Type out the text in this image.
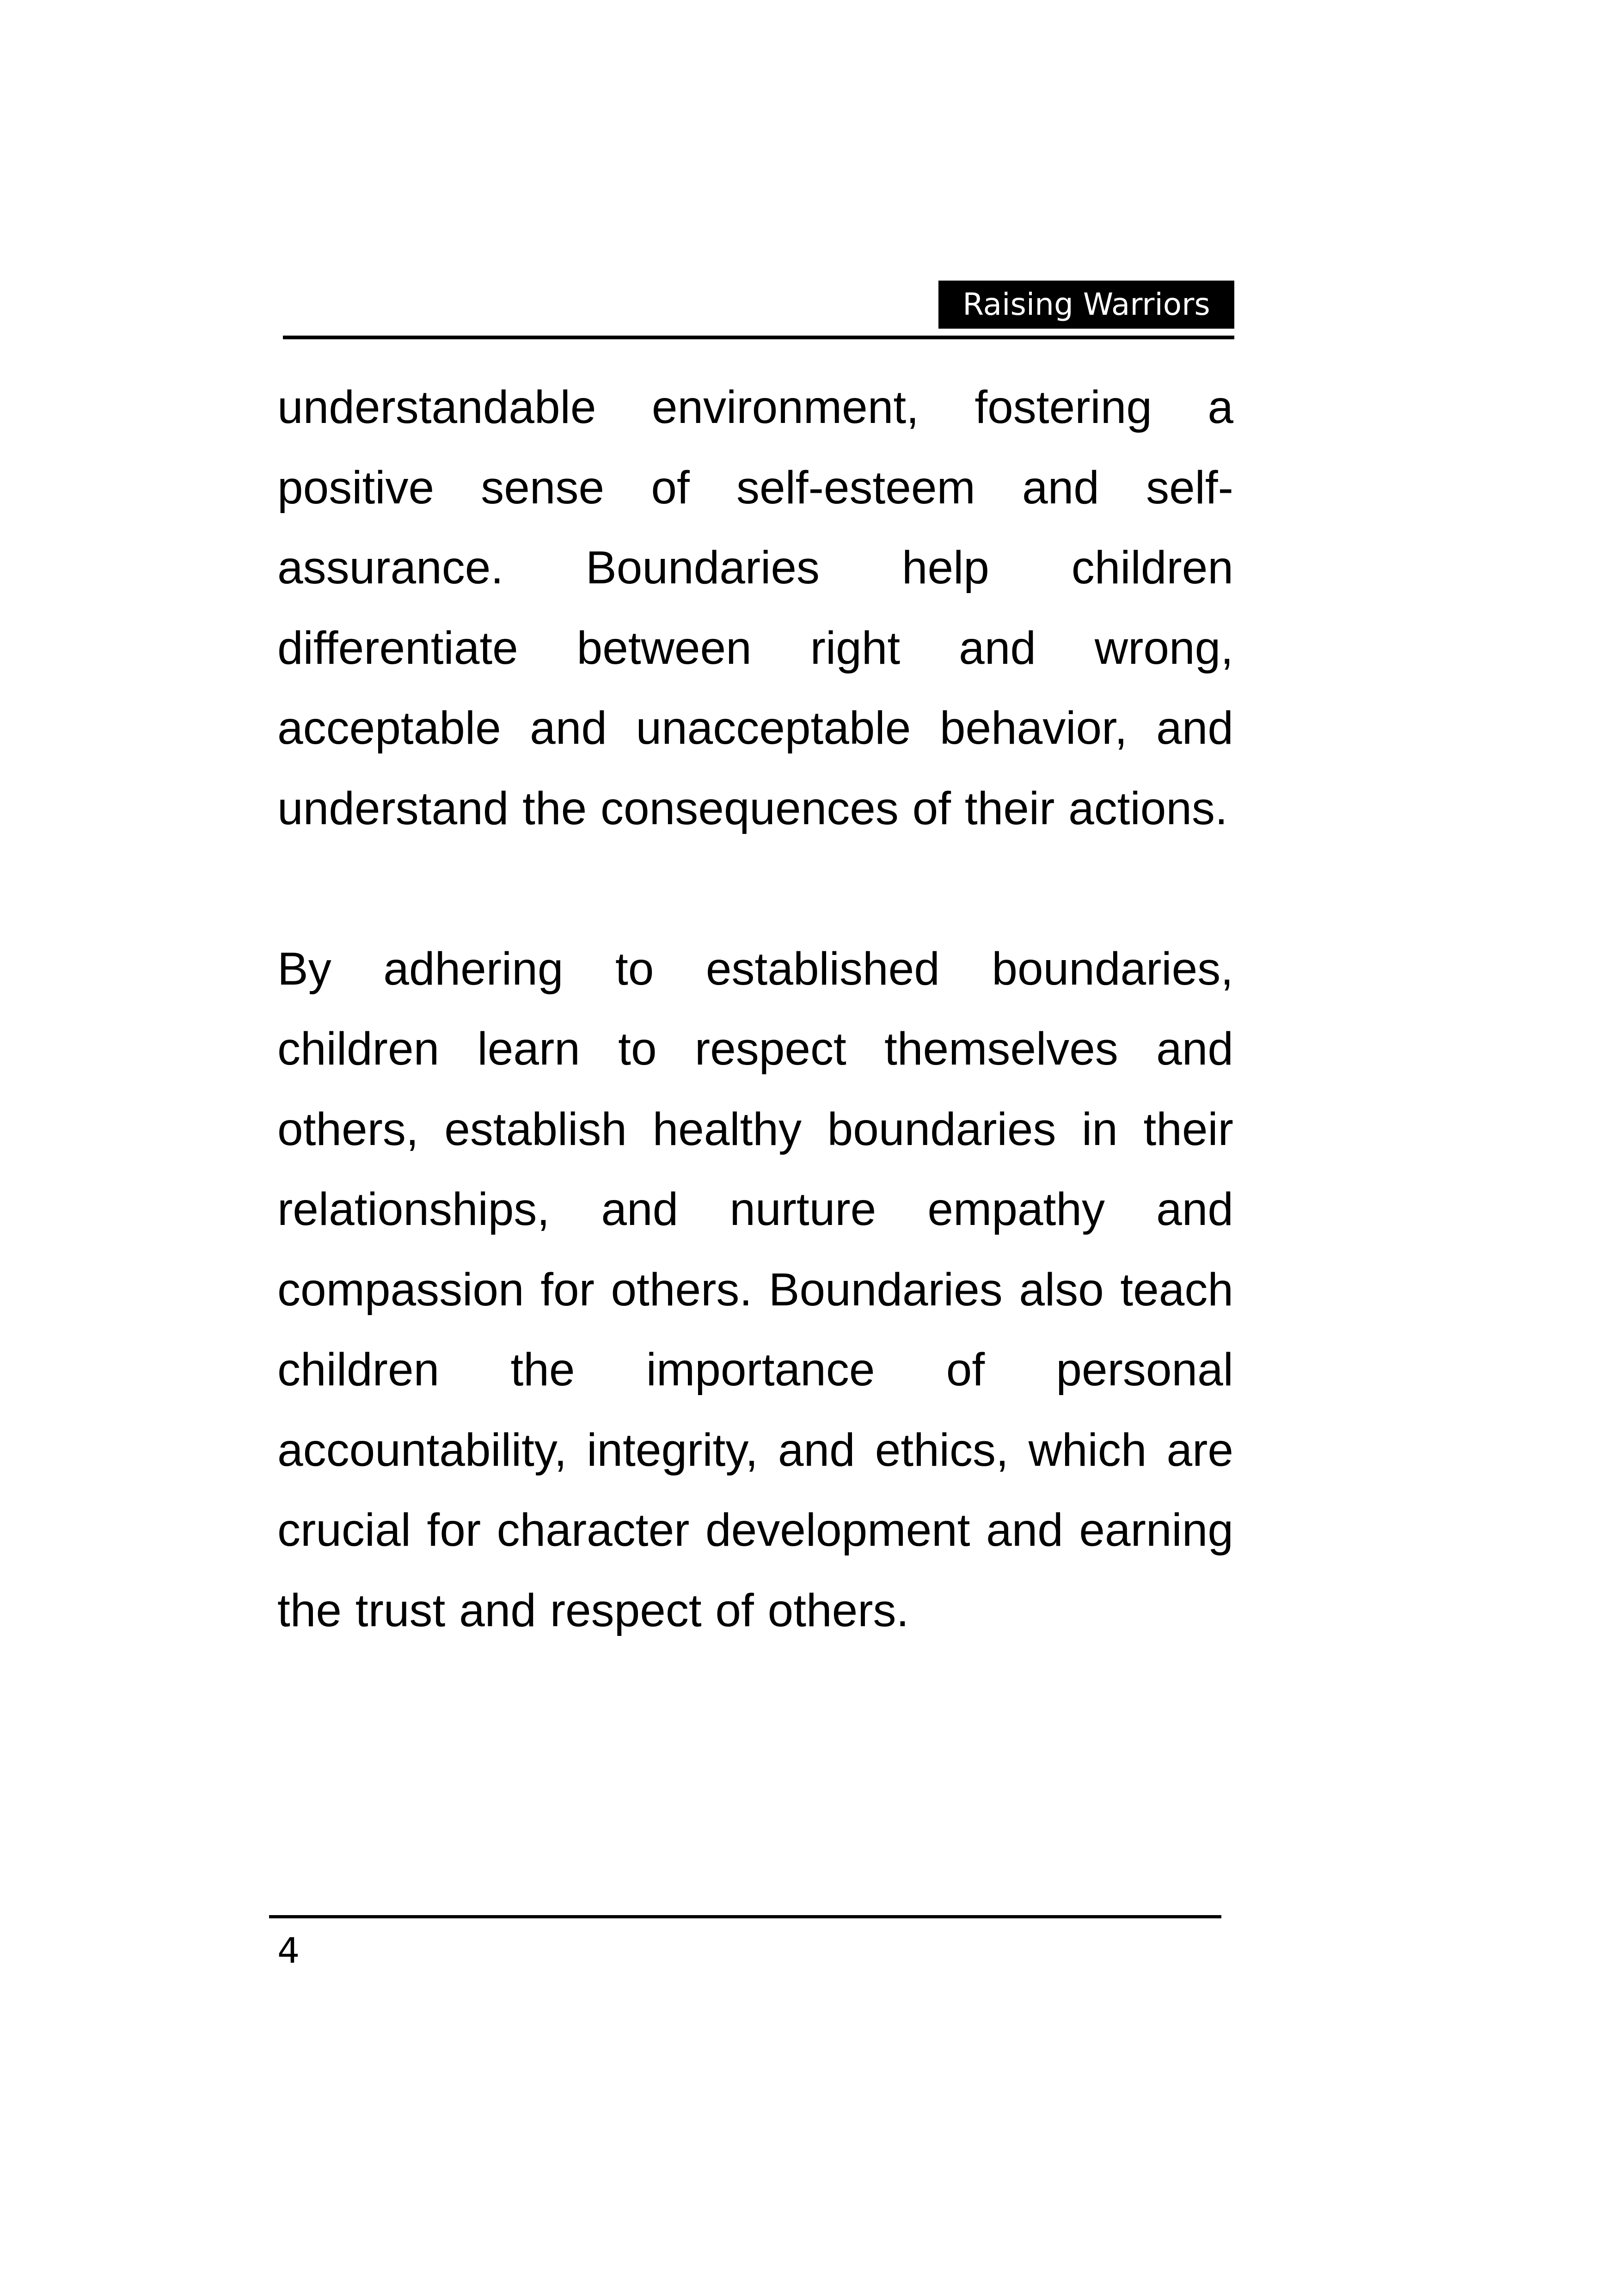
Raising Warriors

understandable environment, fostering a positive sense of self-esteem and self-assurance. Boundaries help children differentiate between right and wrong, acceptable and unacceptable behavior, and understand the consequences of their actions.

By adhering to established boundaries, children learn to respect themselves and others, establish healthy boundaries in their relationships, and nurture empathy and compassion for others. Boundaries also teach children the importance of personal accountability, integrity, and ethics, which are crucial for character development and earning the trust and respect of others.

4
